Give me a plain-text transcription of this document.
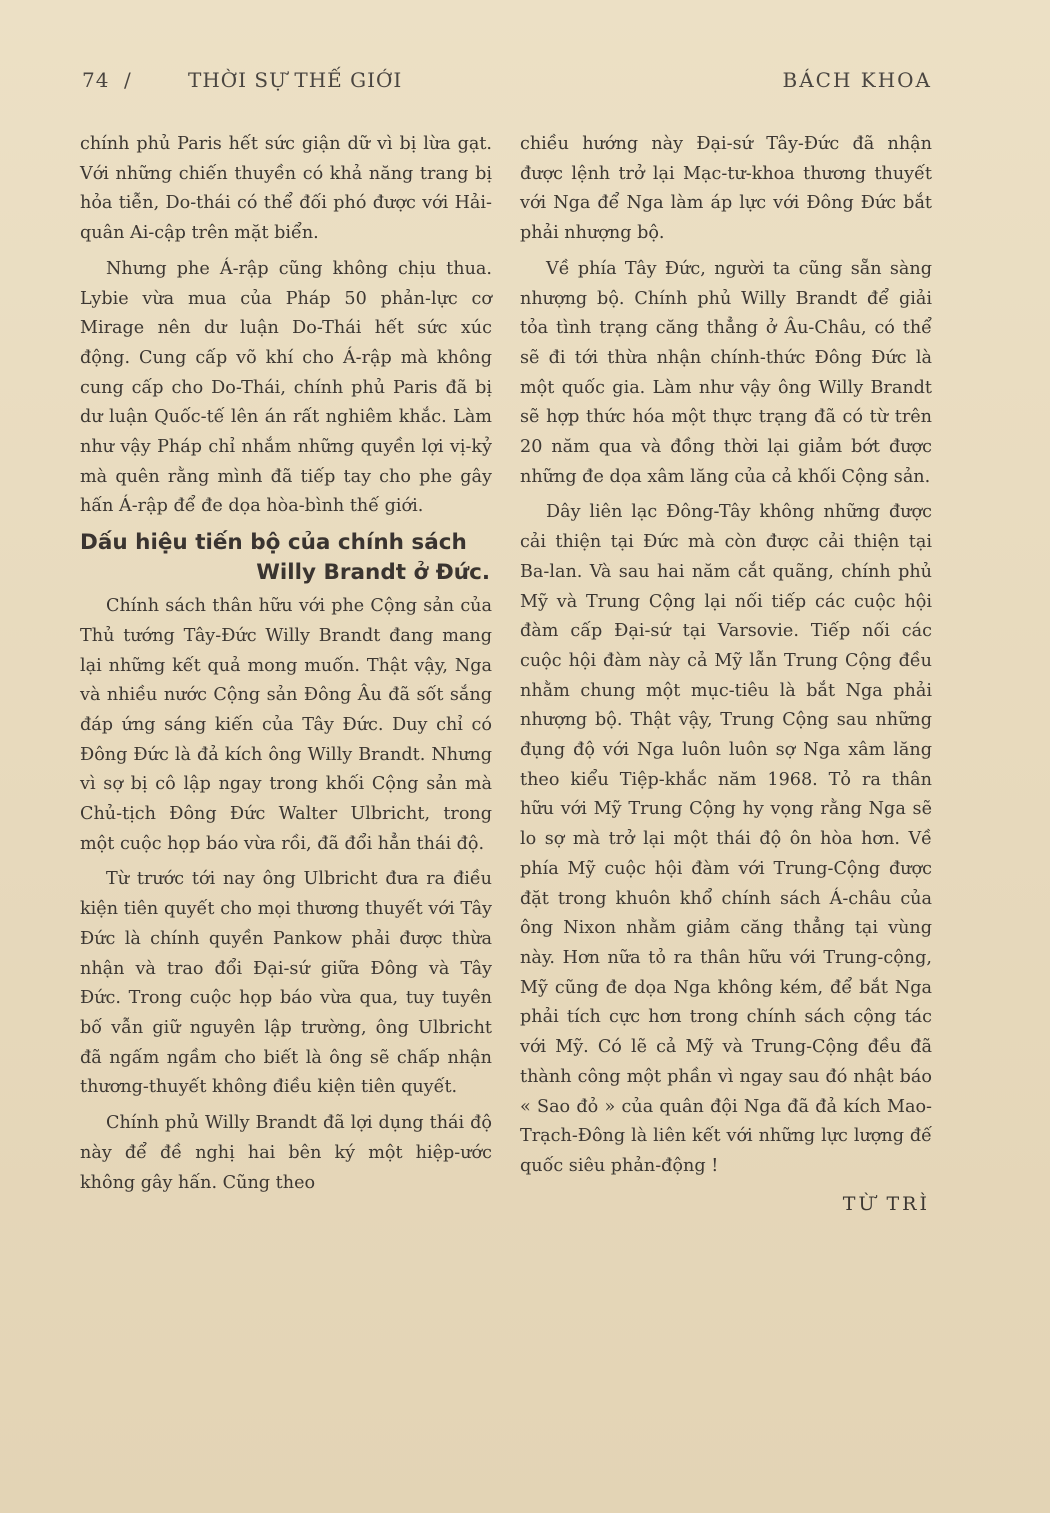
74 /	THỜI SỰ THẾ GIỚI	BÁCH KHOA

chính phủ Paris hết sức giận dữ vì bị lừa gạt. Với những chiến thuyền có khả năng trang bị hỏa tiễn, Do-thái có thể đối phó được với Hải-quân Ai-cập trên mặt biển.

Nhưng phe Á-rập cũng không chịu thua. Lybie vừa mua của Pháp 50 phản-lực cơ Mirage nên dư luận Do-Thái hết sức xúc động. Cung cấp võ khí cho Á-rập mà không cung cấp cho Do-Thái, chính phủ Paris đã bị dư luận Quốc-tế lên án rất nghiêm khắc. Làm như vậy Pháp chỉ nhắm những quyền lợi vị-kỷ mà quên rằng mình đã tiếp tay cho phe gây hấn Á-rập để đe dọa hòa-bình thế giới.

Dấu hiệu tiến bộ của chính sách
Willy Brandt ở Đức.

Chính sách thân hữu với phe Cộng sản của Thủ tướng Tây-Đức Willy Brandt đang mang lại những kết quả mong muốn. Thật vậy, Nga và nhiều nước Cộng sản Đông Âu đã sốt sắng đáp ứng sáng kiến của Tây Đức. Duy chỉ có Đông Đức là đả kích ông Willy Brandt. Nhưng vì sợ bị cô lập ngay trong khối Cộng sản mà Chủ-tịch Đông Đức Walter Ulbricht, trong một cuộc họp báo vừa rồi, đã đổi hẳn thái độ.

Từ trước tới nay ông Ulbricht đưa ra điều kiện tiên quyết cho mọi thương thuyết với Tây Đức là chính quyền Pankow phải được thừa nhận và trao đổi Đại-sứ giữa Đông và Tây Đức. Trong cuộc họp báo vừa qua, tuy tuyên bố vẫn giữ nguyên lập trường, ông Ulbricht đã ngấm ngầm cho biết là ông sẽ chấp nhận thương-thuyết không điều kiện tiên quyết.

Chính phủ Willy Brandt đã lợi dụng thái độ này để đề nghị hai bên ký một hiệp-ước không gây hấn. Cũng theo

chiều hướng này Đại-sứ Tây-Đức đã nhận được lệnh trở lại Mạc-tư-khoa thương thuyết với Nga để Nga làm áp lực với Đông Đức bắt phải nhượng bộ.

Về phía Tây Đức, người ta cũng sẵn sàng nhượng bộ. Chính phủ Willy Brandt để giải tỏa tình trạng căng thẳng ở Âu-Châu, có thể sẽ đi tới thừa nhận chính-thức Đông Đức là một quốc gia. Làm như vậy ông Willy Brandt sẽ hợp thức hóa một thực trạng đã có từ trên 20 năm qua và đồng thời lại giảm bớt được những đe dọa xâm lăng của cả khối Cộng sản.

Dây liên lạc Đông-Tây không những được cải thiện tại Đức mà còn được cải thiện tại Ba-lan. Và sau hai năm cắt quãng, chính phủ Mỹ và Trung Cộng lại nối tiếp các cuộc hội đàm cấp Đại-sứ tại Varsovie. Tiếp nối các cuộc hội đàm này cả Mỹ lẫn Trung Cộng đều nhằm chung một mục-tiêu là bắt Nga phải nhượng bộ. Thật vậy, Trung Cộng sau những đụng độ với Nga luôn luôn sợ Nga xâm lăng theo kiểu Tiệp-khắc năm 1968. Tỏ ra thân hữu với Mỹ Trung Cộng hy vọng rằng Nga sẽ lo sợ mà trở lại một thái độ ôn hòa hơn. Về phía Mỹ cuộc hội đàm với Trung-Cộng được đặt trong khuôn khổ chính sách Á-châu của ông Nixon nhằm giảm căng thẳng tại vùng này. Hơn nữa tỏ ra thân hữu với Trung-cộng, Mỹ cũng đe dọa Nga không kém, để bắt Nga phải tích cực hơn trong chính sách cộng tác với Mỹ. Có lẽ cả Mỹ và Trung-Cộng đều đã thành công một phần vì ngay sau đó nhật báo « Sao đỏ » của quân đội Nga đã đả kích Mao-Trạch-Đông là liên kết với những lực lượng đế quốc siêu phản-động !

TỪ TRÌ
